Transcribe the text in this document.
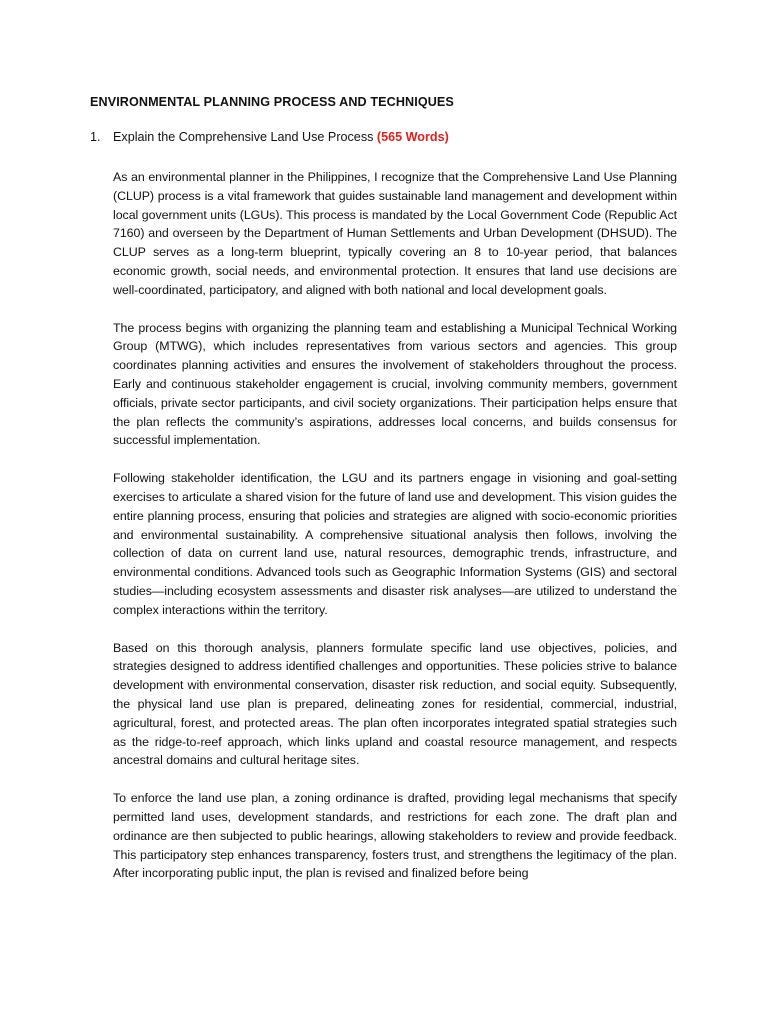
ENVIRONMENTAL PLANNING PROCESS AND TECHNIQUES
1. Explain the Comprehensive Land Use Process (565 Words)

As an environmental planner in the Philippines, I recognize that the Comprehensive Land Use Planning (CLUP) process is a vital framework that guides sustainable land management and development within local government units (LGUs). This process is mandated by the Local Government Code (Republic Act 7160) and overseen by the Department of Human Settlements and Urban Development (DHSUD). The CLUP serves as a long-term blueprint, typically covering an 8 to 10-year period, that balances economic growth, social needs, and environmental protection. It ensures that land use decisions are well-coordinated, participatory, and aligned with both national and local development goals.

The process begins with organizing the planning team and establishing a Municipal Technical Working Group (MTWG), which includes representatives from various sectors and agencies. This group coordinates planning activities and ensures the involvement of stakeholders throughout the process. Early and continuous stakeholder engagement is crucial, involving community members, government officials, private sector participants, and civil society organizations. Their participation helps ensure that the plan reflects the community’s aspirations, addresses local concerns, and builds consensus for successful implementation.

Following stakeholder identification, the LGU and its partners engage in visioning and goal-setting exercises to articulate a shared vision for the future of land use and development. This vision guides the entire planning process, ensuring that policies and strategies are aligned with socio-economic priorities and environmental sustainability. A comprehensive situational analysis then follows, involving the collection of data on current land use, natural resources, demographic trends, infrastructure, and environmental conditions. Advanced tools such as Geographic Information Systems (GIS) and sectoral studies—including ecosystem assessments and disaster risk analyses—are utilized to understand the complex interactions within the territory.

Based on this thorough analysis, planners formulate specific land use objectives, policies, and strategies designed to address identified challenges and opportunities. These policies strive to balance development with environmental conservation, disaster risk reduction, and social equity. Subsequently, the physical land use plan is prepared, delineating zones for residential, commercial, industrial, agricultural, forest, and protected areas. The plan often incorporates integrated spatial strategies such as the ridge-to-reef approach, which links upland and coastal resource management, and respects ancestral domains and cultural heritage sites.

To enforce the land use plan, a zoning ordinance is drafted, providing legal mechanisms that specify permitted land uses, development standards, and restrictions for each zone. The draft plan and ordinance are then subjected to public hearings, allowing stakeholders to review and provide feedback. This participatory step enhances transparency, fosters trust, and strengthens the legitimacy of the plan. After incorporating public input, the plan is revised and finalized before being
